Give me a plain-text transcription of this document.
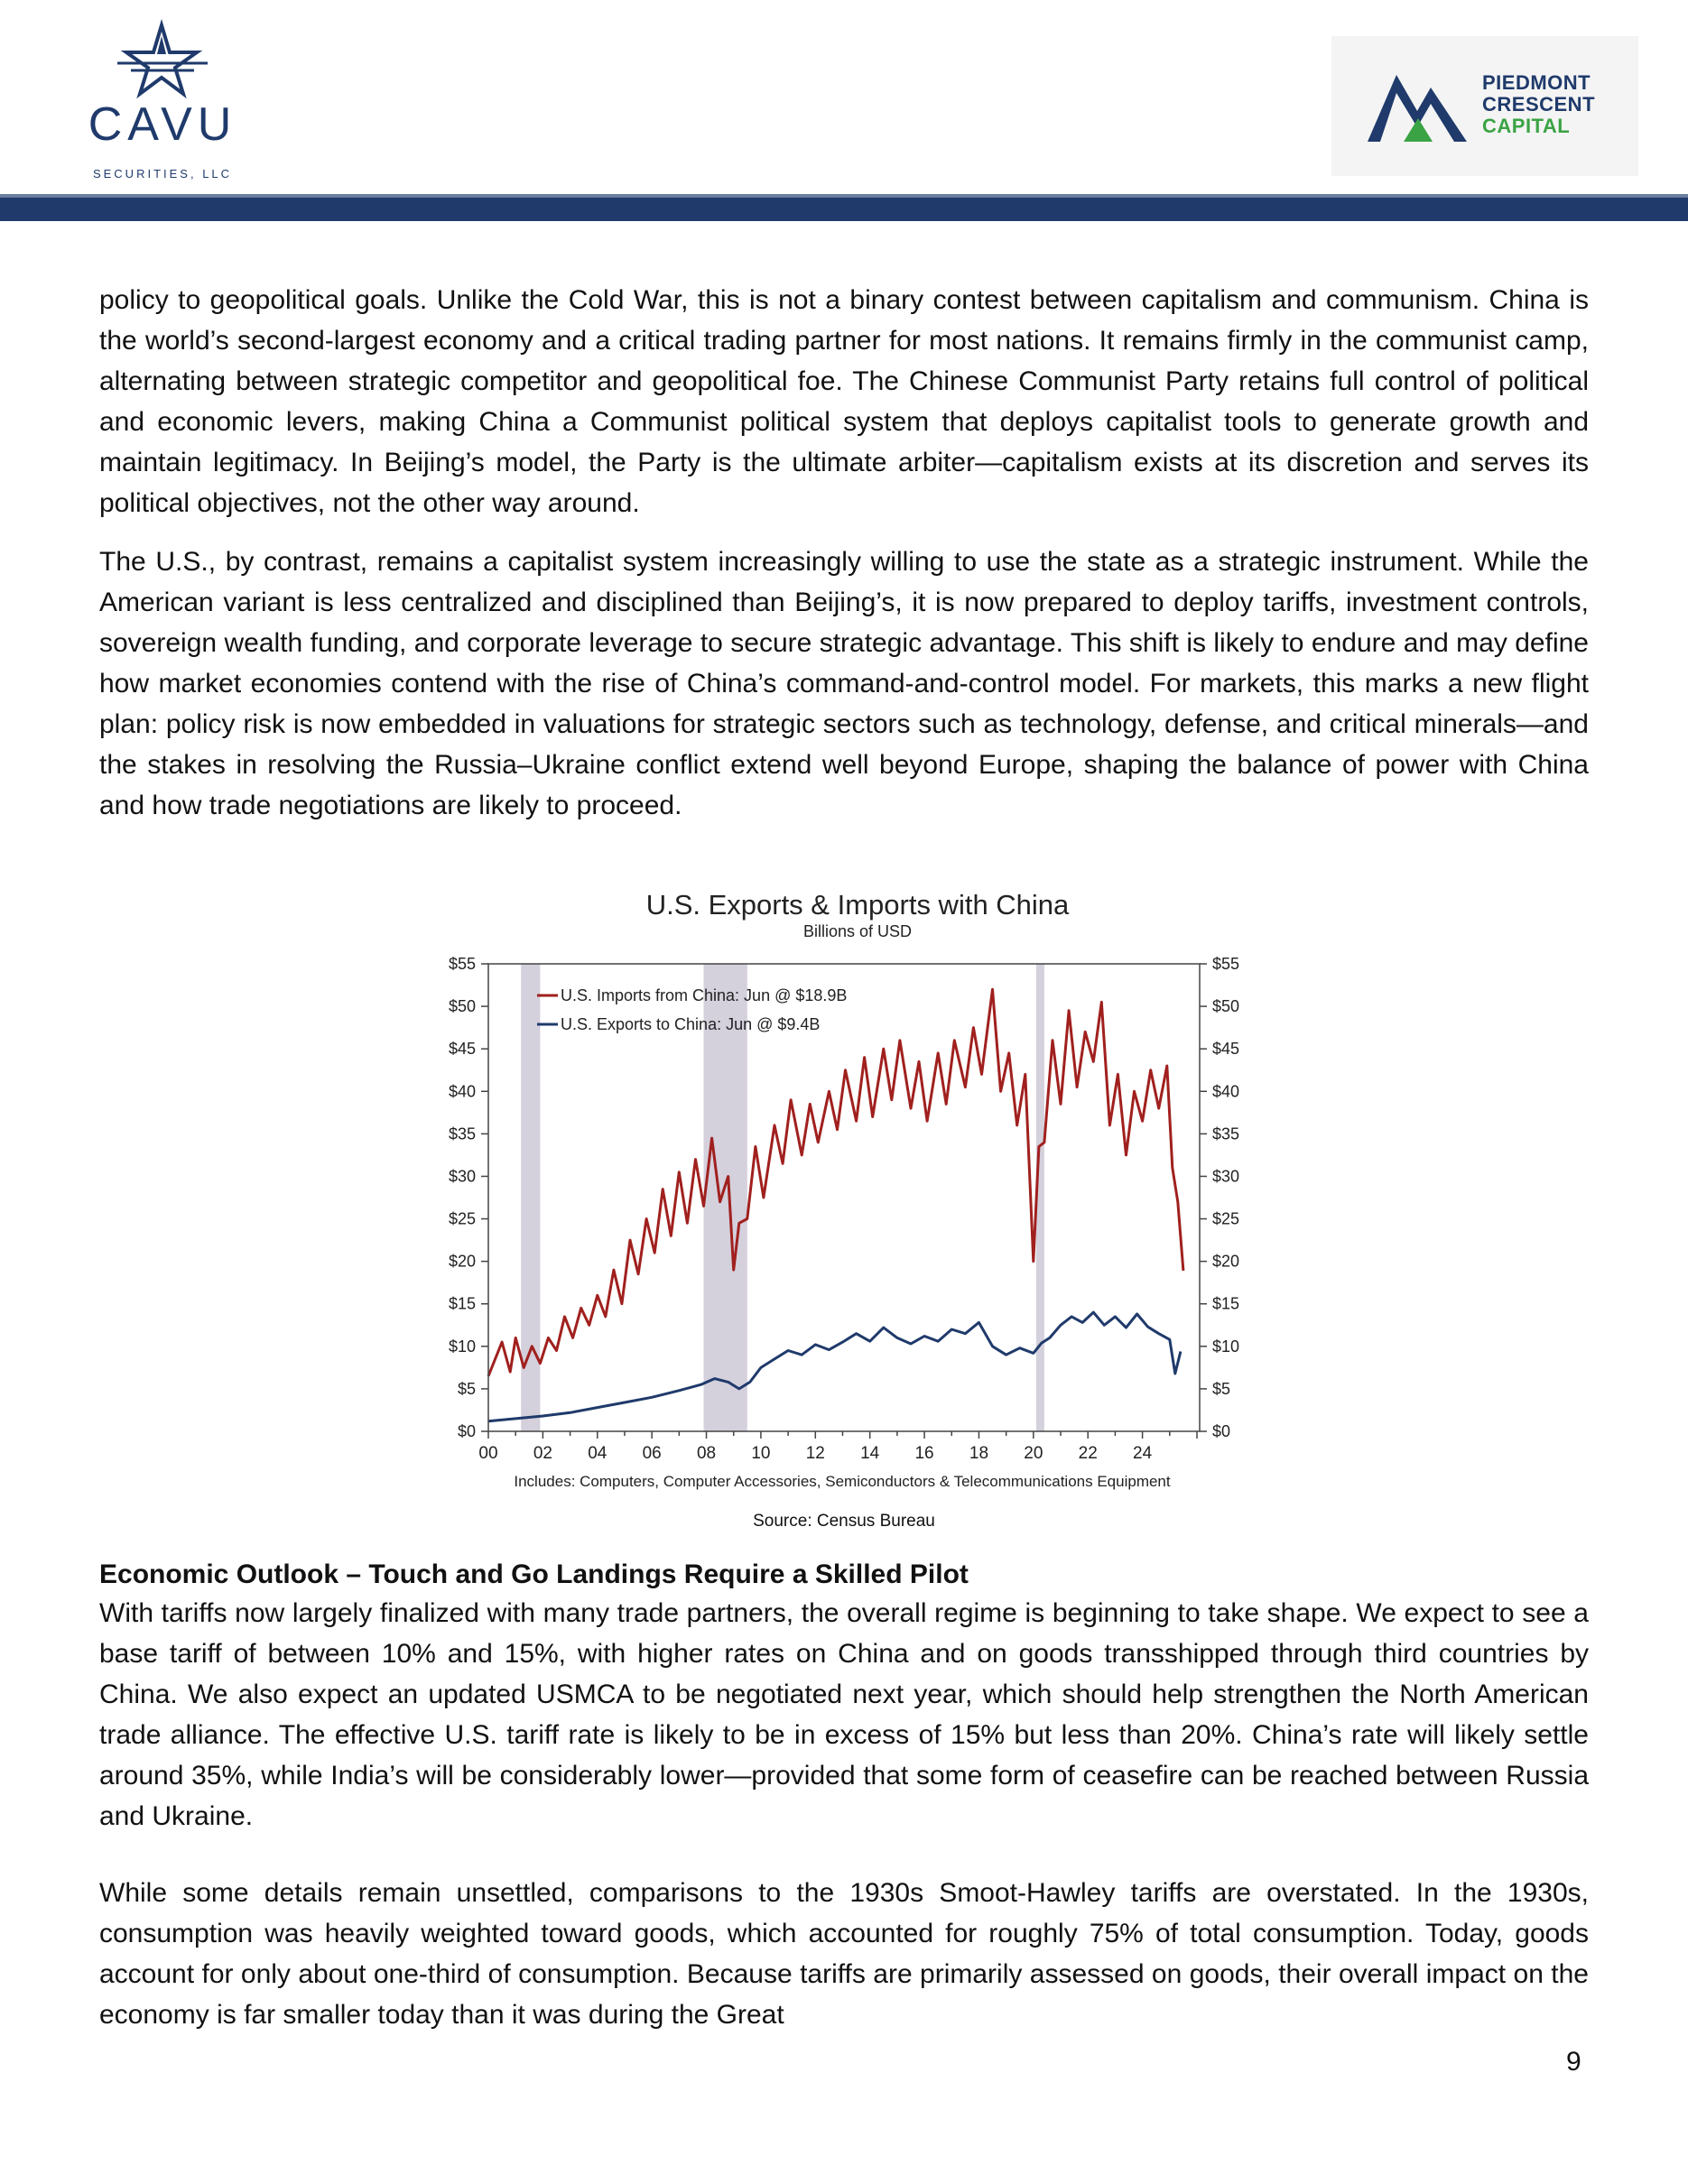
CAVU
SECURITIES, LLC
PIEDMONT
CRESCENT
CAPITAL
policy to geopolitical goals. Unlike the Cold War, this is not a binary contest between capitalism and communism. China is the world’s second-largest economy and a critical trading partner for most nations. It remains firmly in the communist camp, alternating between strategic competitor and geopolitical foe. The Chinese Communist Party retains full control of political and economic levers, making China a Communist political system that deploys capitalist tools to generate growth and maintain legitimacy. In Beijing’s model, the Party is the ultimate arbiter—capitalism exists at its discretion and serves its political objectives, not the other way around.
The U.S., by contrast, remains a capitalist system increasingly willing to use the state as a strategic instrument. While the American variant is less centralized and disciplined than Beijing’s, it is now prepared to deploy tariffs, investment controls, sovereign wealth funding, and corporate leverage to secure strategic advantage. This shift is likely to endure and may define how market economies contend with the rise of China’s command-and-control model. For markets, this marks a new flight plan: policy risk is now embedded in valuations for strategic sectors such as technology, defense, and critical minerals—and the stakes in resolving the Russia–Ukraine conflict extend well beyond Europe, shaping the balance of power with China and how trade negotiations are likely to proceed.
U.S. Exports & Imports with China
Billions of USD
$0	$0
$5	$5
$10	$10
$15	$15
$20	$20
$25	$25
$30	$30
$35	$35
$40	$40
$45	$45
$50	$50
$55	$55
00 02 04 06 08 10 12 14 16 18 20 22 24
U.S. Imports from China: Jun @ $18.9B
U.S. Exports to China: Jun @ $9.4B
Includes: Computers, Computer Accessories, Semiconductors & Telecommunications Equipment
Source: Census Bureau
Economic Outlook – Touch and Go Landings Require a Skilled Pilot
With tariffs now largely finalized with many trade partners, the overall regime is beginning to take shape. We expect to see a base tariff of between 10% and 15%, with higher rates on China and on goods transshipped through third countries by China. We also expect an updated USMCA to be negotiated next year, which should help strengthen the North American trade alliance. The effective U.S. tariff rate is likely to be in excess of 15% but less than 20%. China’s rate will likely settle around 35%, while India’s will be considerably lower—provided that some form of ceasefire can be reached between Russia and Ukraine.
While some details remain unsettled, comparisons to the 1930s Smoot-Hawley tariffs are overstated. In the 1930s, consumption was heavily weighted toward goods, which accounted for roughly 75% of total consumption. Today, goods account for only about one-third of consumption. Because tariffs are primarily assessed on goods, their overall impact on the economy is far smaller today than it was during the Great
9
